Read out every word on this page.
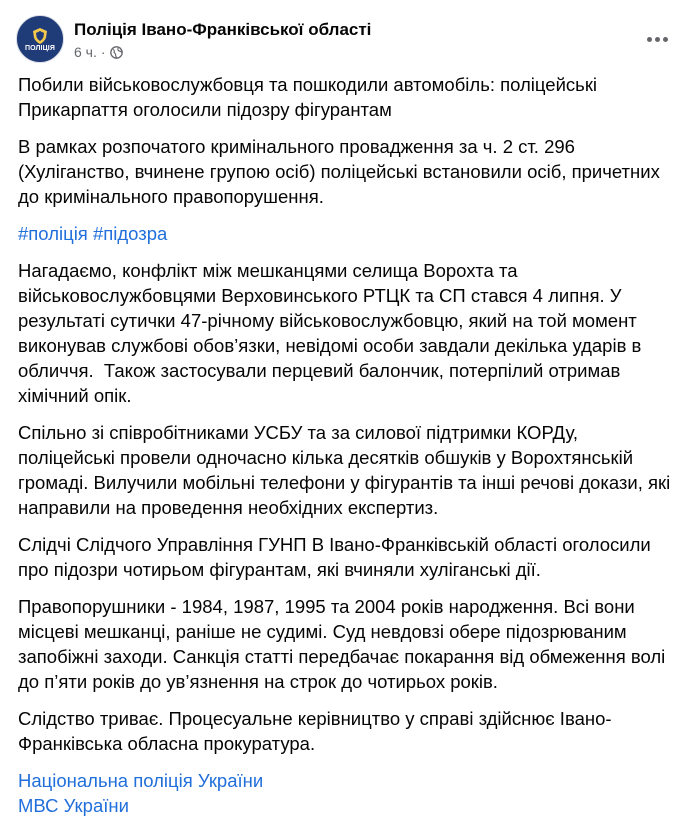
ПОЛІЦІЯ
Поліція Івано-Франківської області
6 ч. ·

Побили військовослужбовця та пошкодили автомобіль: поліцейські Прикарпаття оголосили підозру фігурантам

В рамках розпочатого кримінального провадження за ч. 2 ст. 296 (Хуліганство, вчинене групою осіб) поліцейські встановили осіб, причетних до кримінального правопорушення.

#поліція #підозра

Нагадаємо, конфлікт між мешканцями селища Ворохта та військовослужбовцями Верховинського РТЦК та СП стався 4 липня. У результаті сутички 47-річному військовослужбовцю, який на той момент виконував службові обов’язки, невідомі особи завдали декілька ударів в обличчя.  Також застосували перцевий балончик, потерпілий отримав хімічний опік.

Спільно зі співробітниками УСБУ та за силової підтримки КОРДу, поліцейські провели одночасно кілька десятків обшуків у Ворохтянській громаді. Вилучили мобільні телефони у фігурантів та інші речові докази, які направили на проведення необхідних експертиз.

Слідчі Слідчого Управління ГУНП В Івано-Франківській області оголосили про підозри чотирьом фігурантам, які вчиняли хуліганські дії.

Правопорушники - 1984, 1987, 1995 та 2004 років народження. Всі вони місцеві мешканці, раніше не судимі. Суд невдовзі обере підозрюваним запобіжні заходи. Санкція статті передбачає покарання від обмеження волі до п’яти років до ув’язнення на строк до чотирьох років.

Слідство триває. Процесуальне керівництво у справі здійснює Івано-Франківська обласна прокуратура.

Національна поліція України
МВС України
